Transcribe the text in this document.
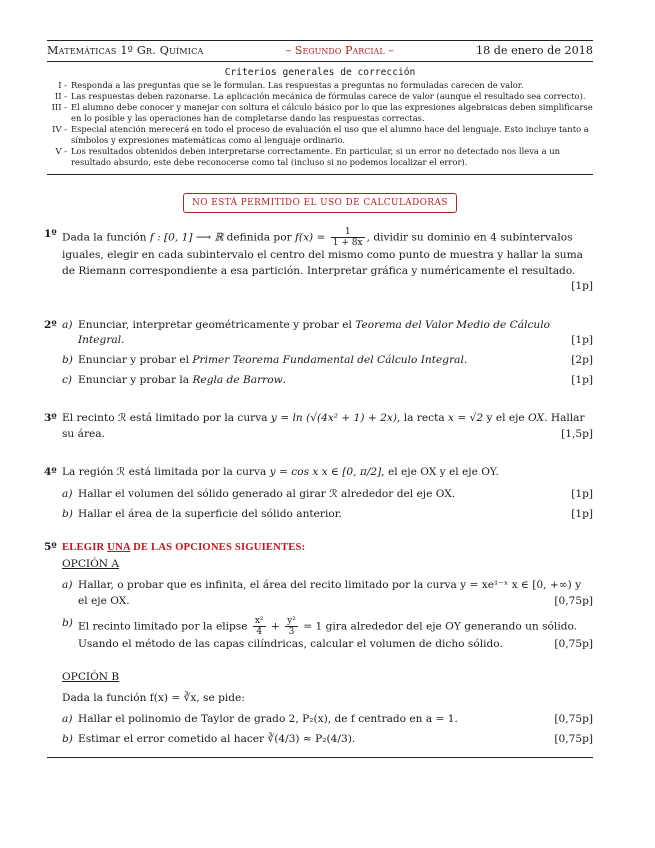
Matemáticas 1º Gr. Química	– Segundo Parcial –	18 de enero de 2018
Criterios generales de corrección
I - Responda a las preguntas que se le formulan. Las respuestas a preguntas no formuladas carecen de valor.
II - Las respuestas deben razonarse. La aplicación mecánica de fórmulas carece de valor (aunque el resultado sea correcto).
III - El alumno debe conocer y manejar con soltura el cálculo básico por lo que las expresiones algebraicas deben simplificarse en lo posible y las operaciones han de completarse dando las respuestas correctas.
IV - Especial atención merecerá en todo el proceso de evaluación el uso que el alumno hace del lenguaje. Esto incluye tanto a símbolos y expresiones matemáticas como al lenguaje ordinario.
V - Los resultados obtenidos deben interpretarse correctamente. En particular, si un error no detectado nos lleva a un resultado absurdo, este debe reconocerse como tal (incluso si no podemos localizar el error).
NO ESTÁ PERMITIDO EL USO DE CALCULADORAS
1º Dada la función f : [0, 1] ⟶ ℝ definida por $f(x) = \frac{1}{1 + 8x}$ , dividir su dominio en 4 subintervalos iguales, elegir en cada subintervalo el centro del mismo como punto de muestra y hallar la suma de Riemann correspondiente a esa partición. Interpretar gráfica y numéricamente el resultado.
[1p]
2º a) Enunciar, interpretar geométricamente y probar el Teorema del Valor Medio de Cálculo Integral.	[1p]
b) Enunciar y probar el Primer Teorema Fundamental del Cálculo Integral.	[2p]
c) Enunciar y probar la Regla de Barrow.	[1p]
3º El recinto ℛ está limitado por la curva y = ln (√(4x² + 1) + 2x), la recta x = √2 y el eje OX. Hallar su área.	[1,5p]
4º La región ℛ está limitada por la curva y = cos x x ∈ [0, π/2], el eje OX y el eje OY.
a) Hallar el volumen del sólido generado al girar ℛ alrededor del eje OX.	[1p]
b) Hallar el área de la superficie del sólido anterior.	[1p]
5º ELEGIR UNA DE LAS OPCIONES SIGUIENTES:
OPCIÓN A
a) Hallar, o probar que es infinita, el área del recito limitado por la curva y = xe¹⁻ˣ x ∈ [0, +∞) y el eje OX.	[0,75p]
b) El recinto limitado por la elipse $\frac{\text{x²}}{4} + \frac{\text{y²}}{3} = 1$ gira alrededor del eje OY generando un sólido. Usando el método de las capas cilíndricas, calcular el volumen de dicho sólido.	[0,75p]
OPCIÓN B
Dada la función f(x) = ∛x, se pide:
a) Hallar el polinomio de Taylor de grado 2, P₂(x), de f centrado en a = 1.	[0,75p]
b) Estimar el error cometido al hacer ∛(4/3) ≈ P₂(4/3).	[0,75p]
